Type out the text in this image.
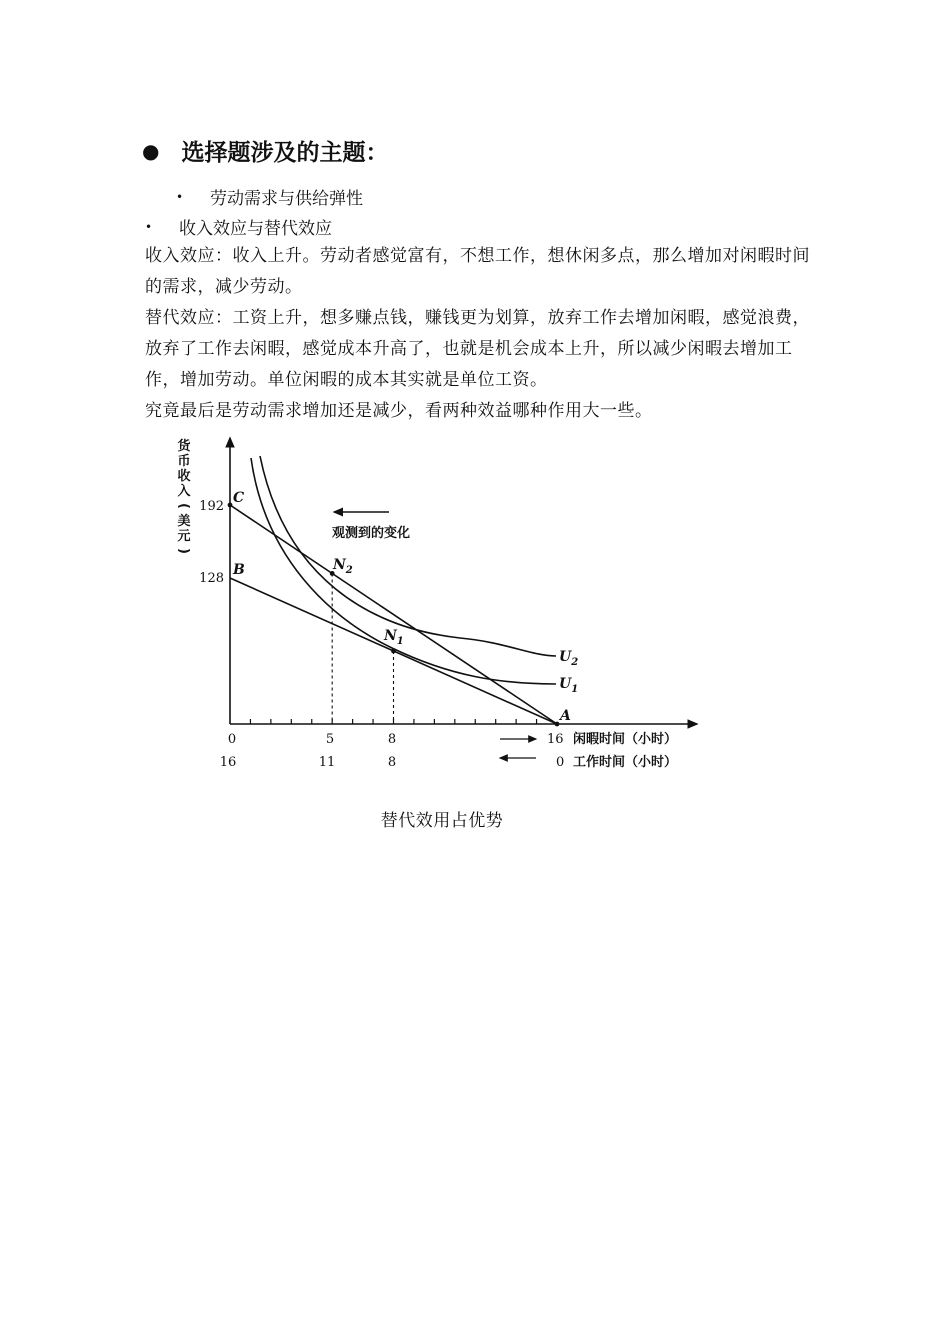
● 选择题涉及的主题：
•	劳动需求与供给弹性
•	收入效应与替代效应
收入效应：收入上升。劳动者感觉富有，不想工作，想休闲多点，那么增加对闲暇时间的需求，减少劳动。
替代效应：工资上升，想多赚点钱，赚钱更为划算，放弃工作去增加闲暇，感觉浪费，放弃了工作去闲暇，感觉成本升高了，也就是机会成本上升，所以减少闲暇去增加工作，增加劳动。单位闲暇的成本其实就是单位工资。
究竟最后是劳动需求增加还是减少，看两种效益哪种作用大一些。
货
币
收
入
(
美
元
)
192
128
C
B
A
$N_1$
$N_2$
$U_2$
$U_1$
观测到的变化
0	5	8	16 闲暇时间（小时）
16	11	8	0 工作时间（小时）
替代效用占优势
